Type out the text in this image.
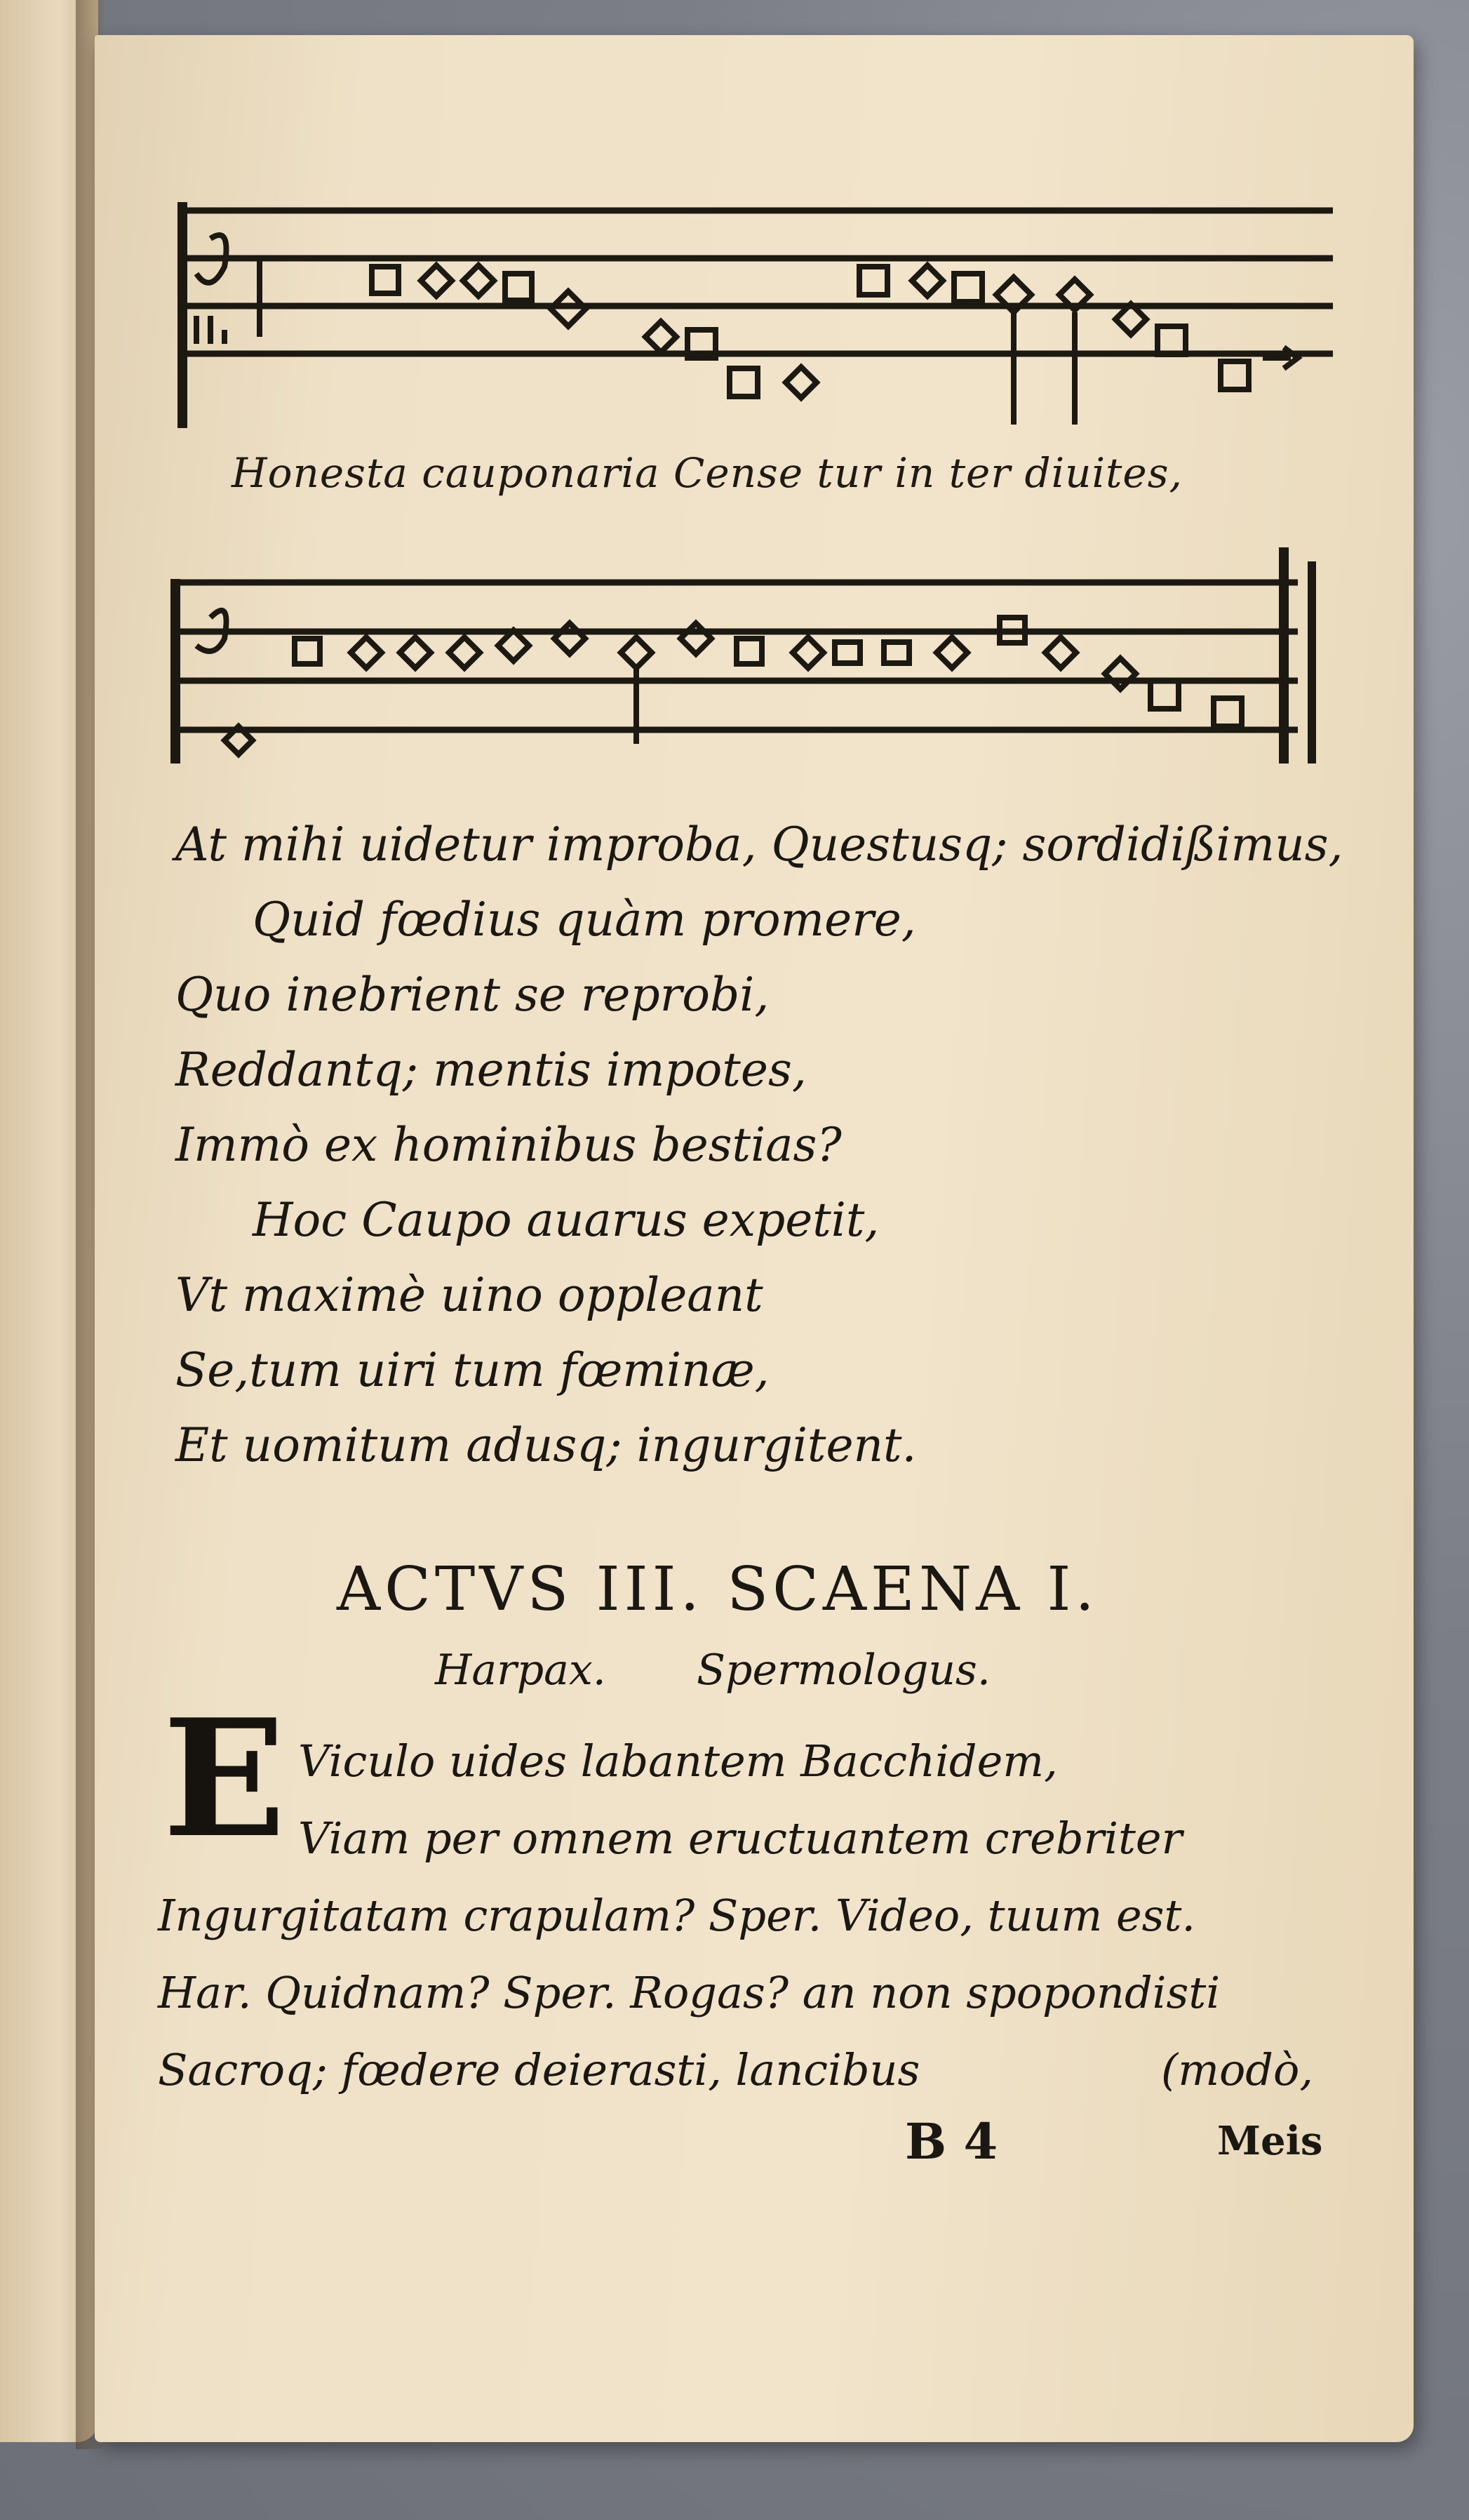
Honesta cauponaria Cense tur in ter diuites,
At mihi uidetur improba, Questusq; sordidißimus,
Quid fœdius quàm promere,
Quo inebrient se reprobi,
Reddantq; mentis impotes,
Immò ex hominibus bestias?
Hoc Caupo auarus expetit,
Vt maximè uino oppleant
Se,tum uiri tum fœminæ,
Et uomitum adusq; ingurgitent.
ACTVS III. SCAENA I.
Harpax. Spermologus.
E Viculo uides labantem Bacchidem,
Viam per omnem eructuantem crebriter
Ingurgitatam crapulam? Sper. Video, tuum est.
Har. Quidnam? Sper. Rogas? an non spopondisti
Sacroq; fœdere deierasti, lancibus	(modò,
B 4	Meis
